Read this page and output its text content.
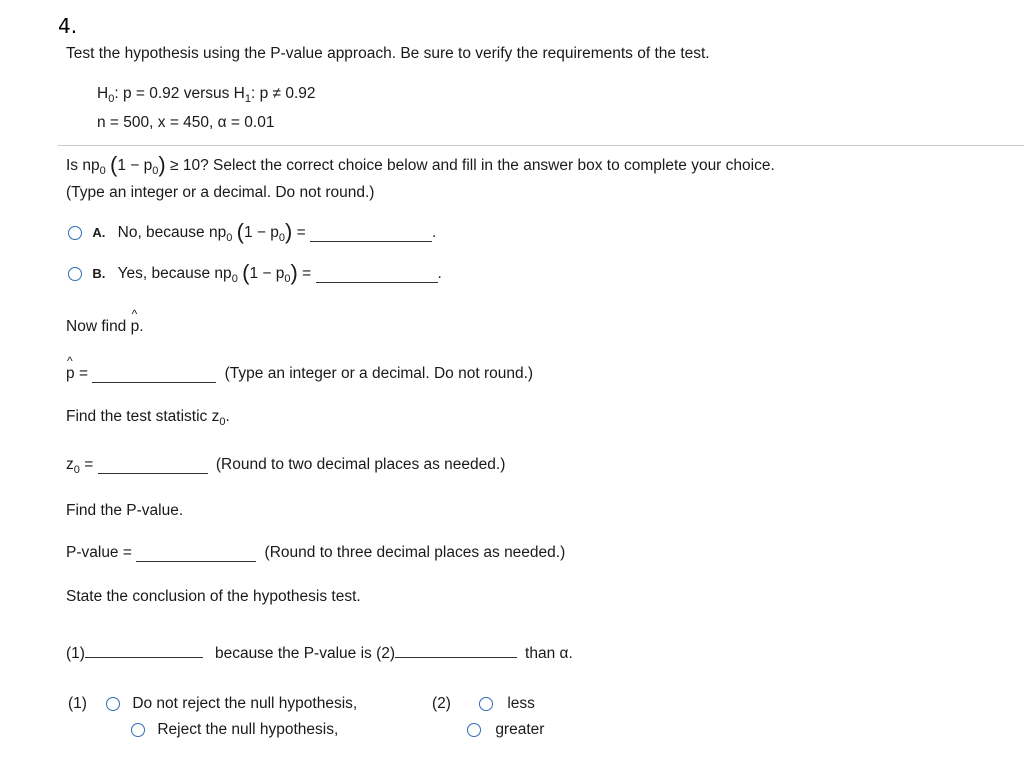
4.
Test the hypothesis using the P-value approach. Be sure to verify the requirements of the test.
$H_0$: p = 0.92 versus $H_1$: p ≠ 0.92
n = 500, x = 450, α = 0.01
Is $np_0$ $(1 - p_0) \ge 10$? Select the correct choice below and fill in the answer box to complete your choice.
(Type an integer or a decimal. Do not round.)
A. No, because $np_0$ $(1 - p_0)$ =	.
B. Yes, because $np_0$ $(1 - p_0)$ =	.
Now find
^
p.
^
p =	(Type an integer or a decimal. Do not round.)
Find the test statistic $z_0$.
$z_0$ =	(Round to two decimal places as needed.)
Find the P-value.
P-value =	(Round to three decimal places as needed.)
State the conclusion of the hypothesis test.
(1)	because the P-value is (2)	than α.
(1)	Do not reject the null hypothesis,
Reject the null hypothesis,
(2)	less
greater
